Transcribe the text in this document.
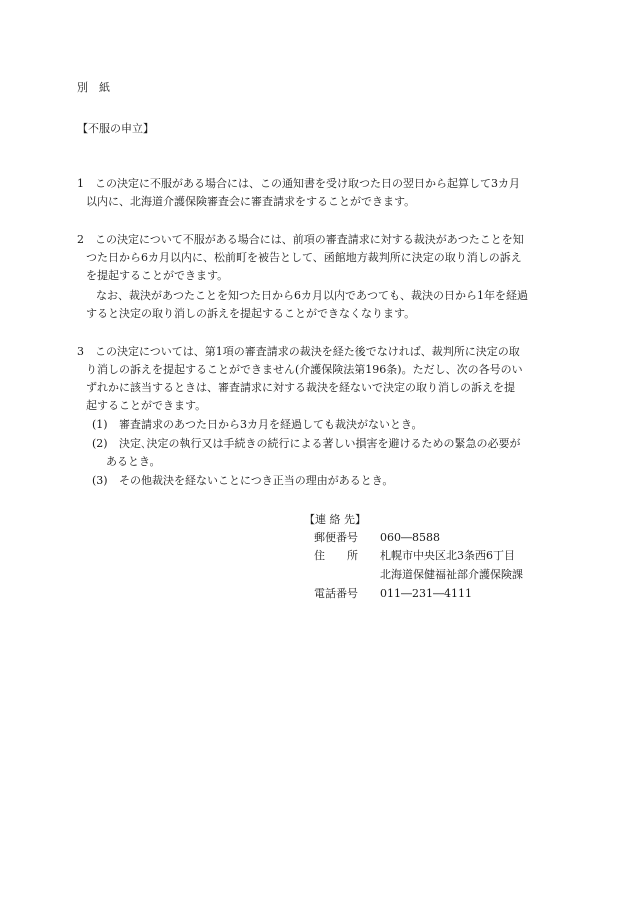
別　紙
【不服の申立】
1　この決定に不服がある場合には、この通知書を受け取つた日の翌日から起算して3カ月
以内に、北海道介護保険審査会に審査請求をすることができます。
2　この決定について不服がある場合には、前項の審査請求に対する裁決があつたことを知
つた日から6カ月以内に、松前町を被告として、函館地方裁判所に決定の取り消しの訴え
を提起することができます。
なお、裁決があつたことを知つた日から6カ月以内であつても、裁決の日から1年を経過
すると決定の取り消しの訴えを提起することができなくなります。
3　この決定については、第1項の審査請求の裁決を経た後でなければ、裁判所に決定の取
り消しの訴えを提起することができません(介護保険法第196条)。ただし、次の各号のい
ずれかに該当するときは、審査請求に対する裁決を経ないで決定の取り消しの訴えを提
起することができます。
(1) 審査請求のあつた日から3カ月を経過しても裁決がないとき。
(2) 決定､決定の執行又は手続きの続行による著しい損害を避けるための緊急の必要が
あるとき。
(3) その他裁決を経ないことにつき正当の理由があるとき。
【連 絡 先】
郵便番号 060―8588
住　　所 札幌市中央区北3条西6丁目
北海道保健福祉部介護保険課
電話番号 011―231―4111
